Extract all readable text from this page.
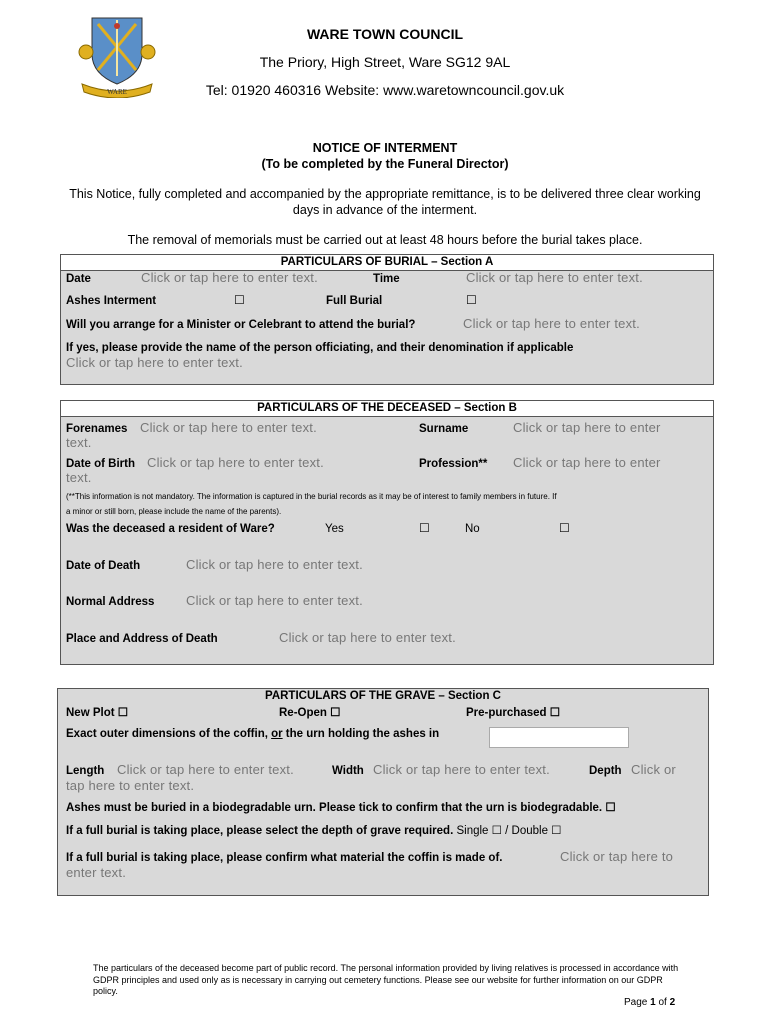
WARE
WARE TOWN COUNCIL
The Priory, High Street, Ware SG12 9AL
Tel: 01920 460316 Website: www.waretowncouncil.gov.uk
NOTICE OF INTERMENT
(To be completed by the Funeral Director)
This Notice, fully completed and accompanied by the appropriate remittance, is to be delivered three clear working days in advance of the interment.
The removal of memorials must be carried out at least 48 hours before the burial takes place.
PARTICULARS OF BURIAL – Section A
Date	Click or tap here to enter text.	Time	Click or tap here to enter text.
Ashes Interment	☐	Full Burial	☐
Will you arrange for a Minister or Celebrant to attend the burial?	Click or tap here to enter text.
If yes, please provide the name of the person officiating, and their denomination if applicable
Click or tap here to enter text.
PARTICULARS OF THE DECEASED – Section B
Forenames Click or tap here to enter text.
text.
Surname	Click or tap here to enter
Date of Birth Click or tap here to enter text.
text.
Profession** Click or tap here to enter
(**This information is not mandatory. The information is captured in the burial records as it may be of interest to family members in future. If
a minor or still born, please include the name of the parents).
Was the deceased a resident of Ware?	Yes	☐	No	☐
Date of Death	Click or tap here to enter text.
Normal Address Click or tap here to enter text.
Place and Address of Death	Click or tap here to enter text.
PARTICULARS OF THE GRAVE – Section C
New Plot ☐	Re-Open ☐	Pre-purchased ☐
Exact outer dimensions of the coffin, or the urn holding the ashes in
Length Click or tap here to enter text.	Width Click or tap here to enter text.	Depth Click or
tap here to enter text.
Ashes must be buried in a biodegradable urn. Please tick to confirm that the urn is biodegradable. ☐
If a full burial is taking place, please select the depth of grave required. Single ☐ / Double ☐
If a full burial is taking place, please confirm what material the coffin is made of.	Click or tap here to
enter text.
The particulars of the deceased become part of public record. The personal information provided by living relatives is processed in accordance with GDPR principles and used only as is necessary in carrying out cemetery functions. Please see our website for further information on our GDPR policy.
Page 1 of 2
